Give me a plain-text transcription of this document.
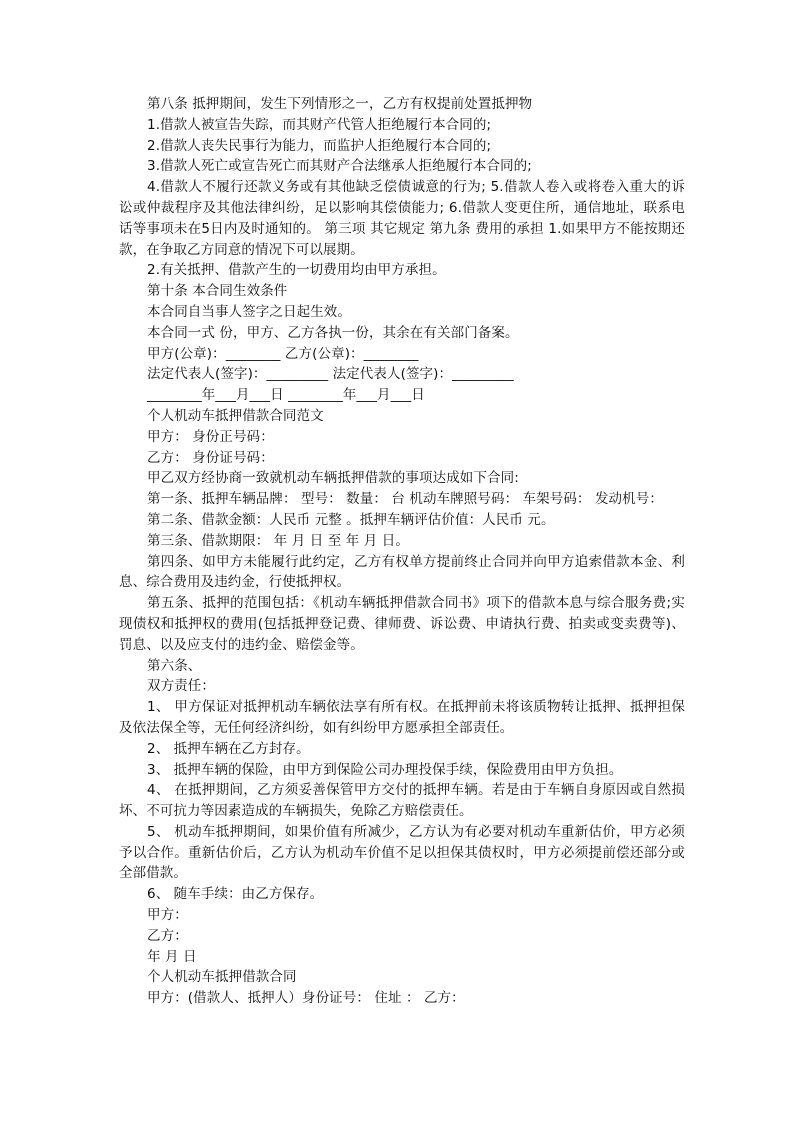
第八条 抵押期间，发生下列情形之一，乙方有权提前处置抵押物

1.借款人被宣告失踪，而其财产代管人拒绝履行本合同的;

2.借款人丧失民事行为能力，而监护人拒绝履行本合同的;

3.借款人死亡或宣告死亡而其财产合法继承人拒绝履行本合同的;

4.借款人不履行还款义务或有其他缺乏偿债诚意的行为; 5.借款人卷入或将卷入重大的诉讼或仲裁程序及其他法律纠纷，足以影响其偿债能力; 6.借款人变更住所，通信地址，联系电话等事项未在5日内及时通知的。 第三项 其它规定 第九条 费用的承担 1.如果甲方不能按期还款，在争取乙方同意的情况下可以展期。

2.有关抵押、借款产生的一切费用均由甲方承担。

第十条 本合同生效条件

本合同自当事人签字之日起生效。

本合同一式 份，甲方、乙方各执一份，其余在有关部门备案。

甲方(公章)：________ 乙方(公章)：________

法定代表人(签字)：_________ 法定代表人(签字)：_________

________年___月___日 ________年___月___日

个人机动车抵押借款合同范文

甲方： 身份正号码：

乙方： 身份证号码：

甲乙双方经协商一致就机动车辆抵押借款的事项达成如下合同:

第一条、抵押车辆品牌： 型号： 数量： 台 机动车牌照号码： 车架号码： 发动机号：

第二条、借款金额：人民币 元整 。抵押车辆评估价值：人民币 元。

第三条、借款期限： 年 月 日 至 年 月 日。

第四条、如甲方未能履行此约定，乙方有权单方提前终止合同并向甲方追索借款本金、利息、综合费用及违约金，行使抵押权。

第五条、抵押的范围包括：《机动车辆抵押借款合同书》项下的借款本息与综合服务费;实现债权和抵押权的费用(包括抵押登记费、律师费、诉讼费、申请执行费、拍卖或变卖费等)、罚息、以及应支付的违约金、赔偿金等。

第六条、

双方责任：

1、 甲方保证对抵押机动车辆依法享有所有权。在抵押前未将该质物转让抵押、抵押担保及依法保全等，无任何经济纠纷，如有纠纷甲方愿承担全部责任。

2、 抵押车辆在乙方封存。

3、 抵押车辆的保险，由甲方到保险公司办理投保手续，保险费用由甲方负担。

4、 在抵押期间，乙方须妥善保管甲方交付的抵押车辆。若是由于车辆自身原因或自然损坏、不可抗力等因素造成的车辆损失，免除乙方赔偿责任。

5、 机动车抵押期间，如果价值有所减少，乙方认为有必要对机动车重新估价，甲方必须予以合作。重新估价后，乙方认为机动车价值不足以担保其债权时，甲方必须提前偿还部分或全部借款。

6、 随车手续：由乙方保存。

甲方：

乙方：

年 月 日

个人机动车抵押借款合同

甲方：(借款人、抵押人）身份证号： 住址 ： 乙方：
